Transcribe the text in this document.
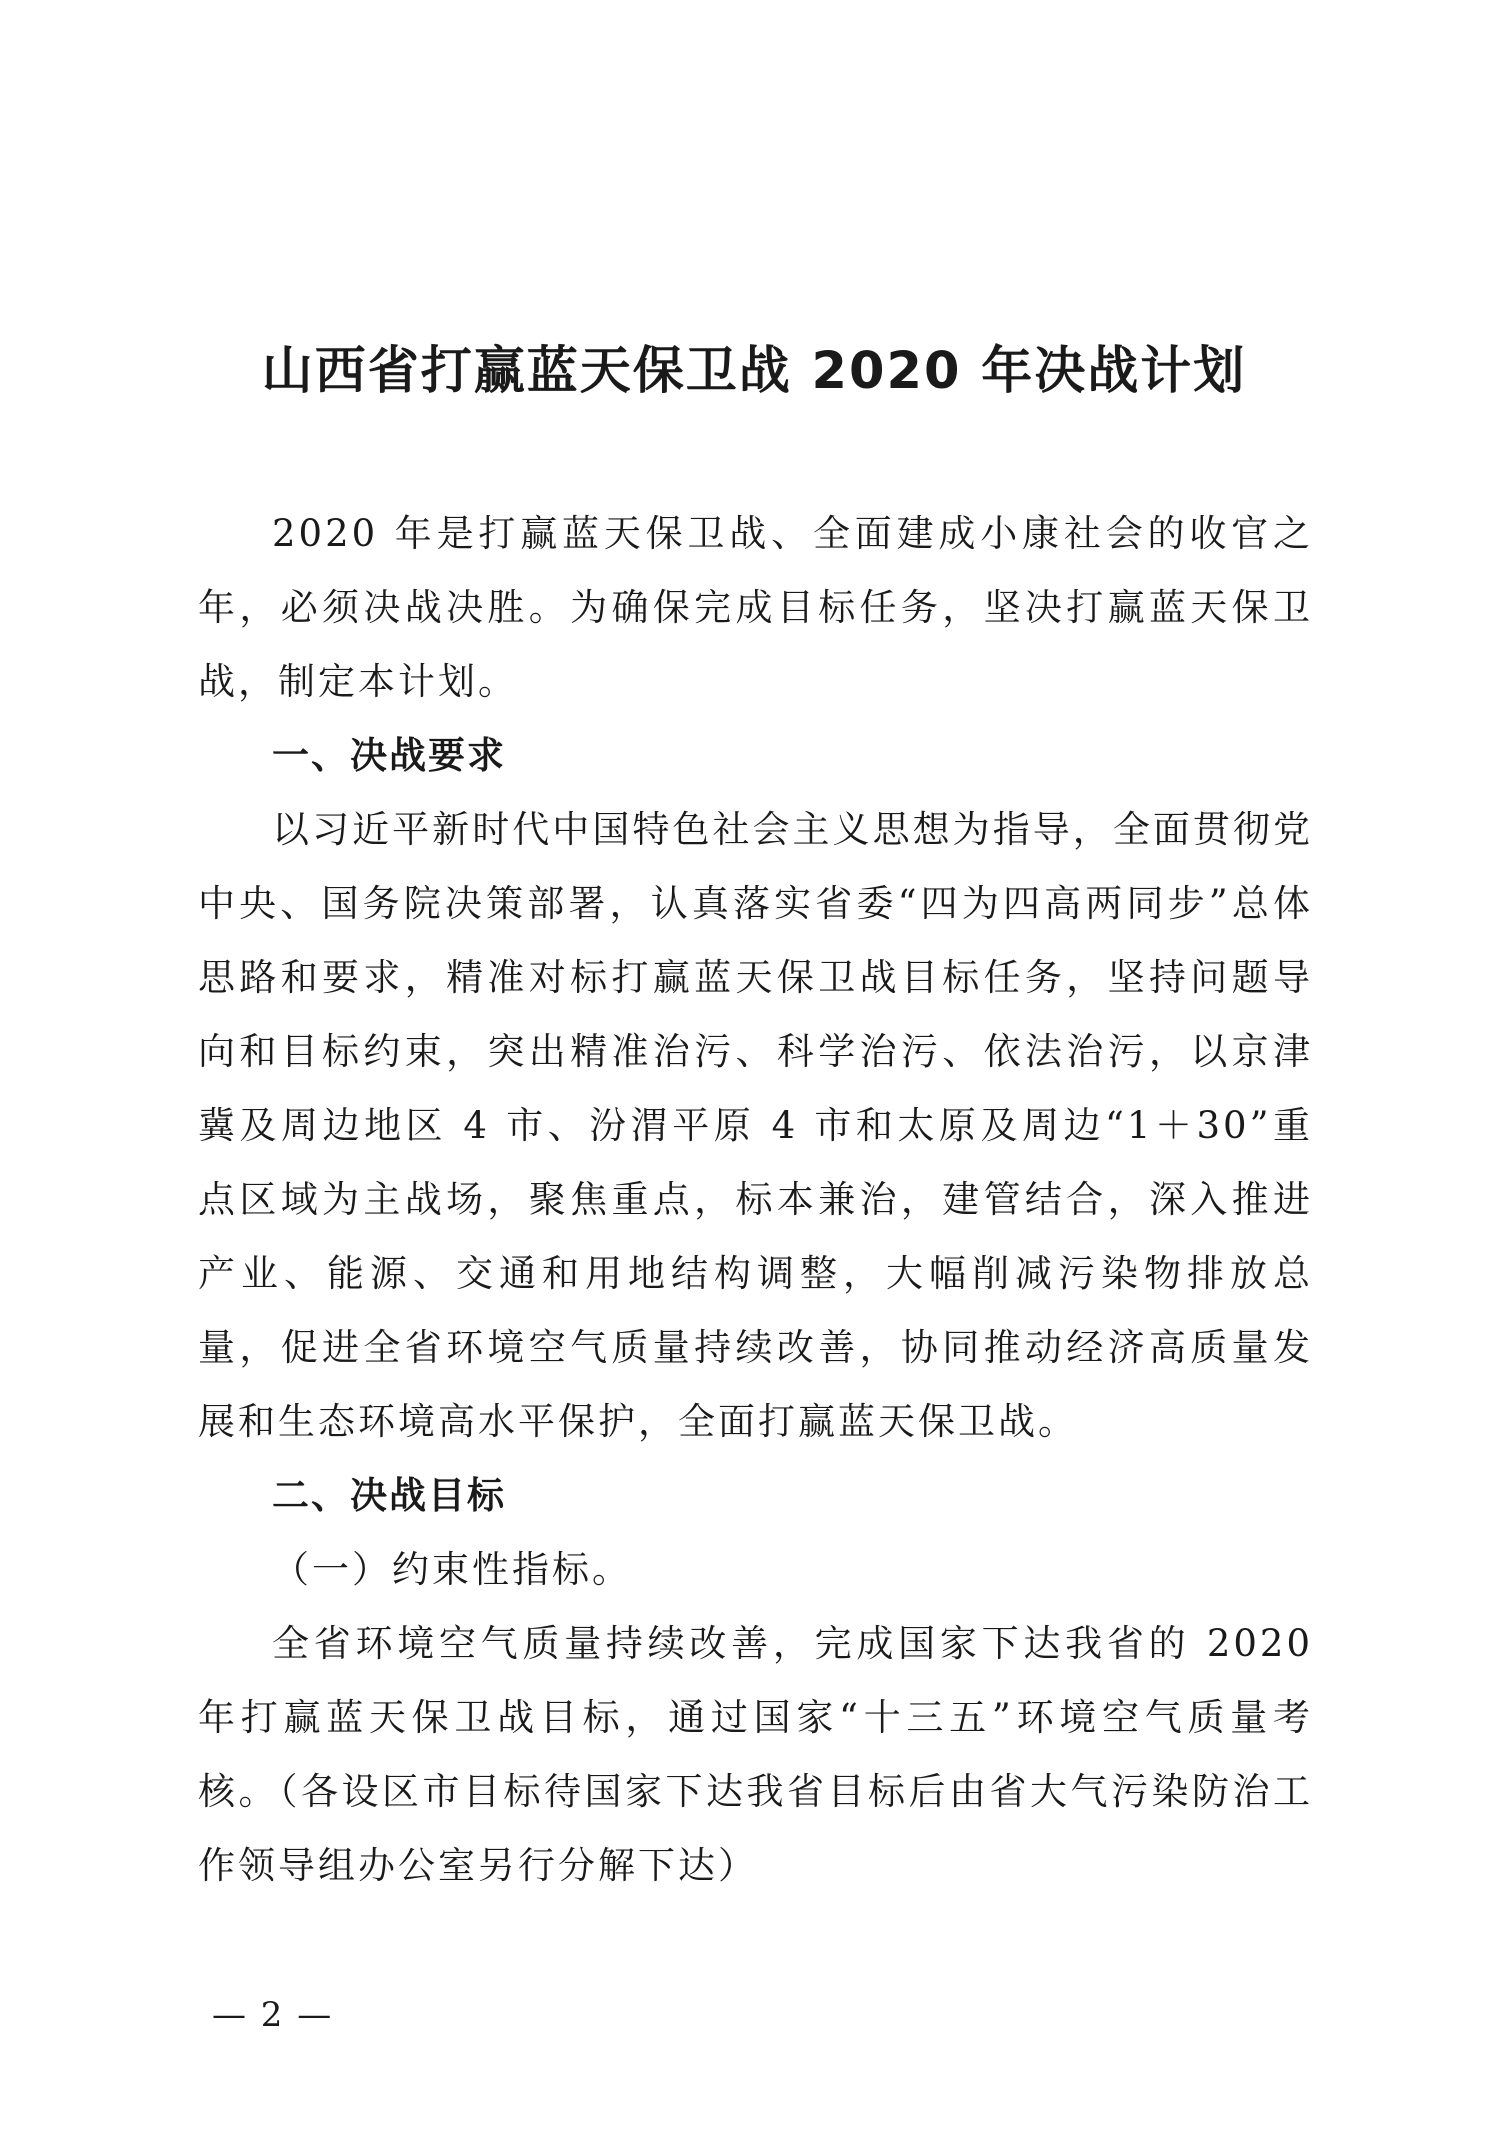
山西省打赢蓝天保卫战 2020 年决战计划

2020 年是打赢蓝天保卫战、全面建成小康社会的收官之年，必须决战决胜。为确保完成目标任务，坚决打赢蓝天保卫战，制定本计划。

一、决战要求

以习近平新时代中国特色社会主义思想为指导，全面贯彻党中央、国务院决策部署，认真落实省委“四为四高两同步”总体思路和要求，精准对标打赢蓝天保卫战目标任务，坚持问题导向和目标约束，突出精准治污、科学治污、依法治污，以京津冀及周边地区 4 市、汾渭平原 4 市和太原及周边“1＋30”重点区域为主战场，聚焦重点，标本兼治，建管结合，深入推进产业、能源、交通和用地结构调整，大幅削减污染物排放总量，促进全省环境空气质量持续改善，协同推动经济高质量发展和生态环境高水平保护，全面打赢蓝天保卫战。

二、决战目标

（一）约束性指标。

全省环境空气质量持续改善，完成国家下达我省的 2020 年打赢蓝天保卫战目标，通过国家“十三五”环境空气质量考核。（各设区市目标待国家下达我省目标后由省大气污染防治工作领导组办公室另行分解下达）

— 2 —
